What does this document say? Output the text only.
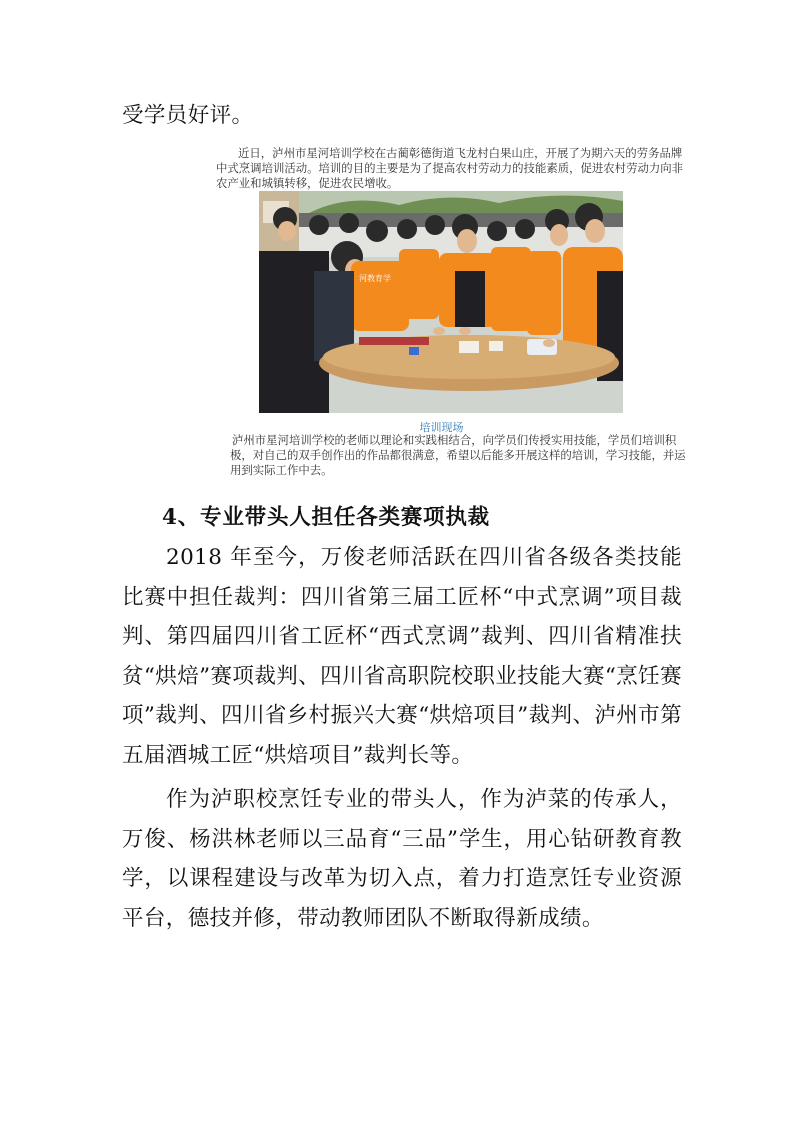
受学员好评。

近日，泸州市星河培训学校在古蔺彰德街道飞龙村白果山庄，开展了为期六天的劳务品牌中式烹调培训活动。培训的目的主要是为了提高农村劳动力的技能素质，促进农村劳动力向非农产业和城镇转移，促进农民增收。

河教育学

培训现场

泸州市星河培训学校的老师以理论和实践相结合，向学员们传授实用技能，学员们培训积极，对自己的双手创作出的作品都很满意，希望以后能多开展这样的培训，学习技能，并运用到实际工作中去。

4、专业带头人担任各类赛项执裁

2018 年至今，万俊老师活跃在四川省各级各类技能比赛中担任裁判：四川省第三届工匠杯“中式烹调”项目裁判、第四届四川省工匠杯“西式烹调”裁判、四川省精准扶贫“烘焙”赛项裁判、四川省高职院校职业技能大赛“烹饪赛项”裁判、四川省乡村振兴大赛“烘焙项目”裁判、泸州市第五届酒城工匠“烘焙项目”裁判长等。

作为泸职校烹饪专业的带头人，作为泸菜的传承人，万俊、杨洪林老师以三品育“三品”学生，用心钻研教育教学，以课程建设与改革为切入点，着力打造烹饪专业资源平台，德技并修，带动教师团队不断取得新成绩。
